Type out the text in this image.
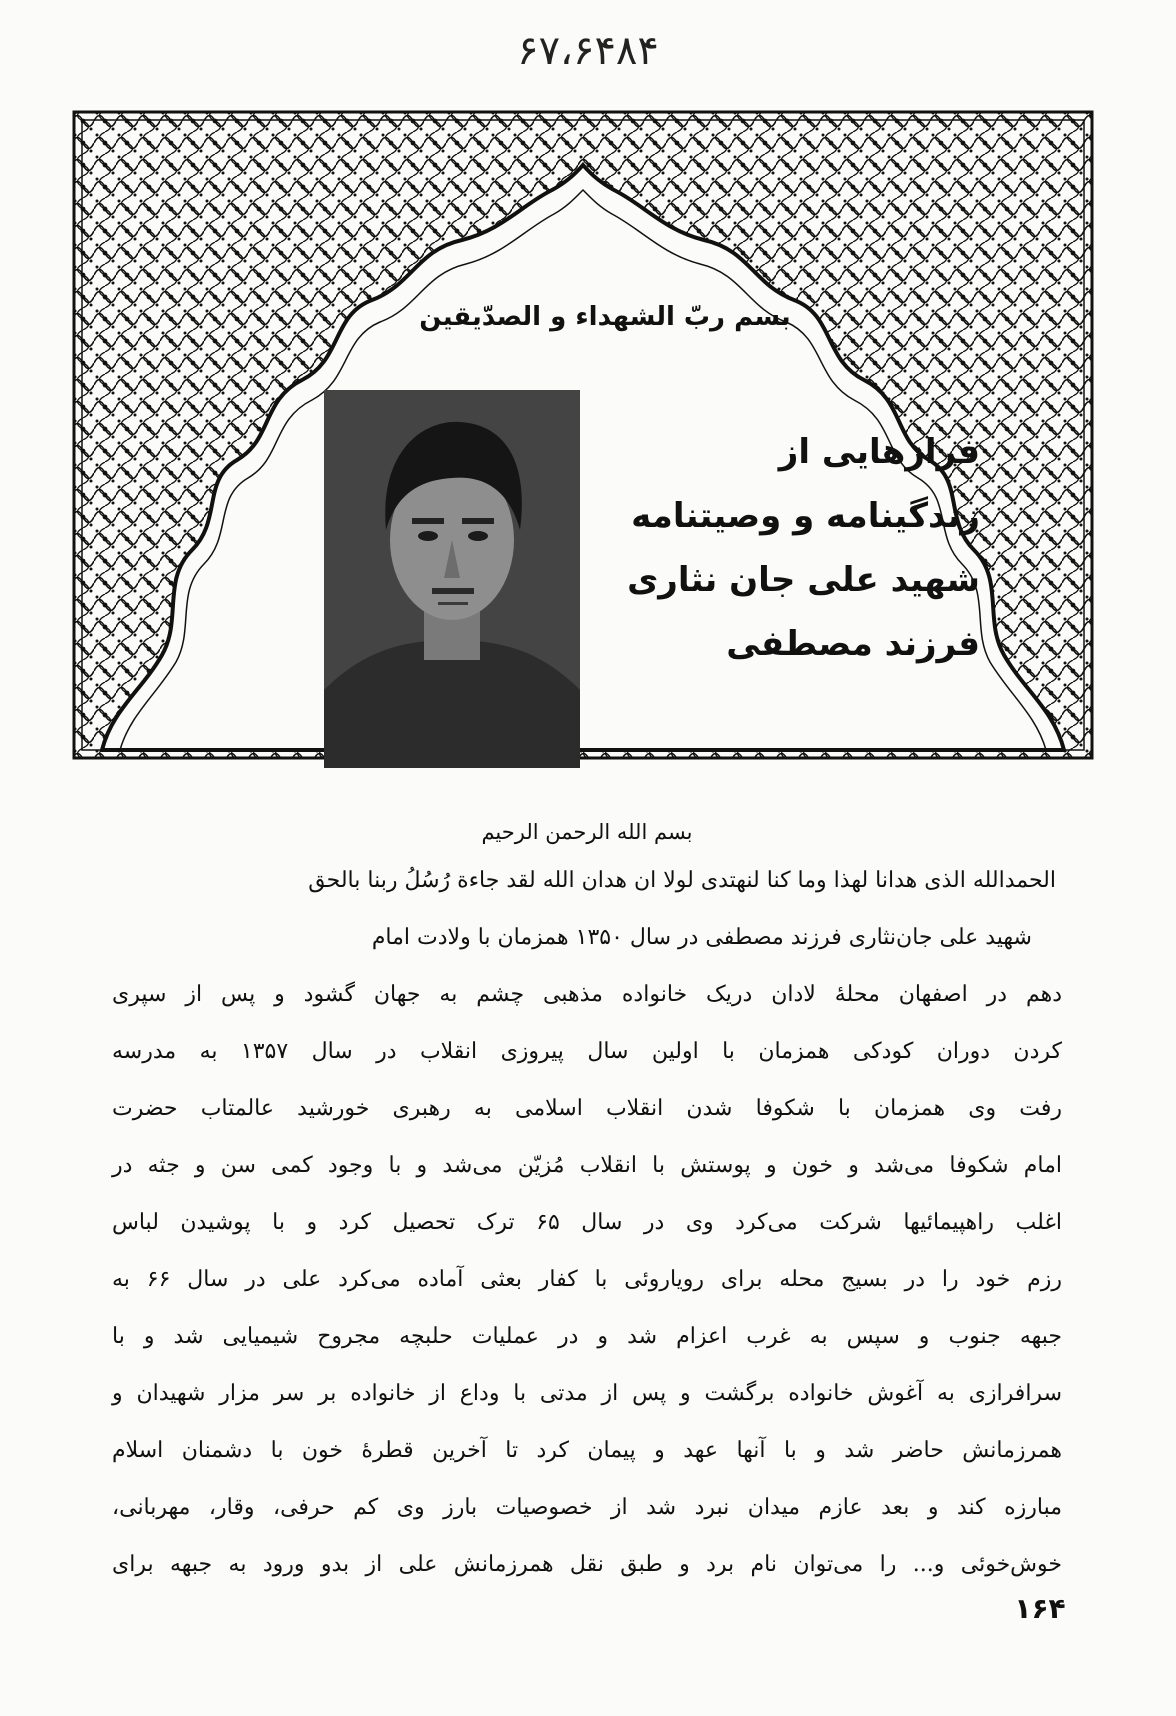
۶۷،۶۴۸۴
بسم ربّ الشهداء و الصدّیقین
فرازهایی از
زندگینامه و وصیتنامه
شهید علی جان نثاری
فرزند مصطفی
بسم الله الرحمن الرحیم
الحمدالله الذی هدانا لهذا وما کنا لنهتدی لولا ان هدان الله لقد جاءة رُسُلُ ربنا بالحق
شهید علی جان‌نثاری فرزند مصطفی در سال ۱۳۵۰ همزمان با ولادت امام
دهم در اصفهان محلهٔ لادان دریک خانواده مذهبی چشم به جهان گشود و پس از سپری
کردن دوران کودکی همزمان با اولین سال پیروزی انقلاب در سال ۱۳۵۷ به مدرسه
رفت وی همزمان با شکوفا شدن انقلاب اسلامی به رهبری خورشید عالمتاب حضرت
امام شکوفا می‌شد و خون و پوستش با انقلاب مُزیّن می‌شد و با وجود کمی سن و جثه در
اغلب راهپیمائیها شرکت می‌کرد وی در سال ۶۵ ترک تحصیل کرد و با پوشیدن لباس
رزم خود را در بسیج محله برای رویاروئی با کفار بعثی آماده می‌کرد علی در سال ۶۶ به
جبهه جنوب و سپس به غرب اعزام شد و در عملیات حلبچه مجروح شیمیایی شد و با
سرافرازی به آغوش خانواده برگشت و پس از مدتی با وداع از خانواده بر سر مزار شهیدان و
همرزمانش حاضر شد و با آنها عهد و پیمان کرد تا آخرین قطرهٔ خون با دشمنان اسلام
مبارزه کند و بعد عازم میدان نبرد شد از خصوصیات بارز وی کم حرفی، وقار، مهربانی،
خوش‌خوئی و... را می‌توان نام برد و طبق نقل همرزمانش علی از بدو ورود به جبهه برای
۱۶۴
